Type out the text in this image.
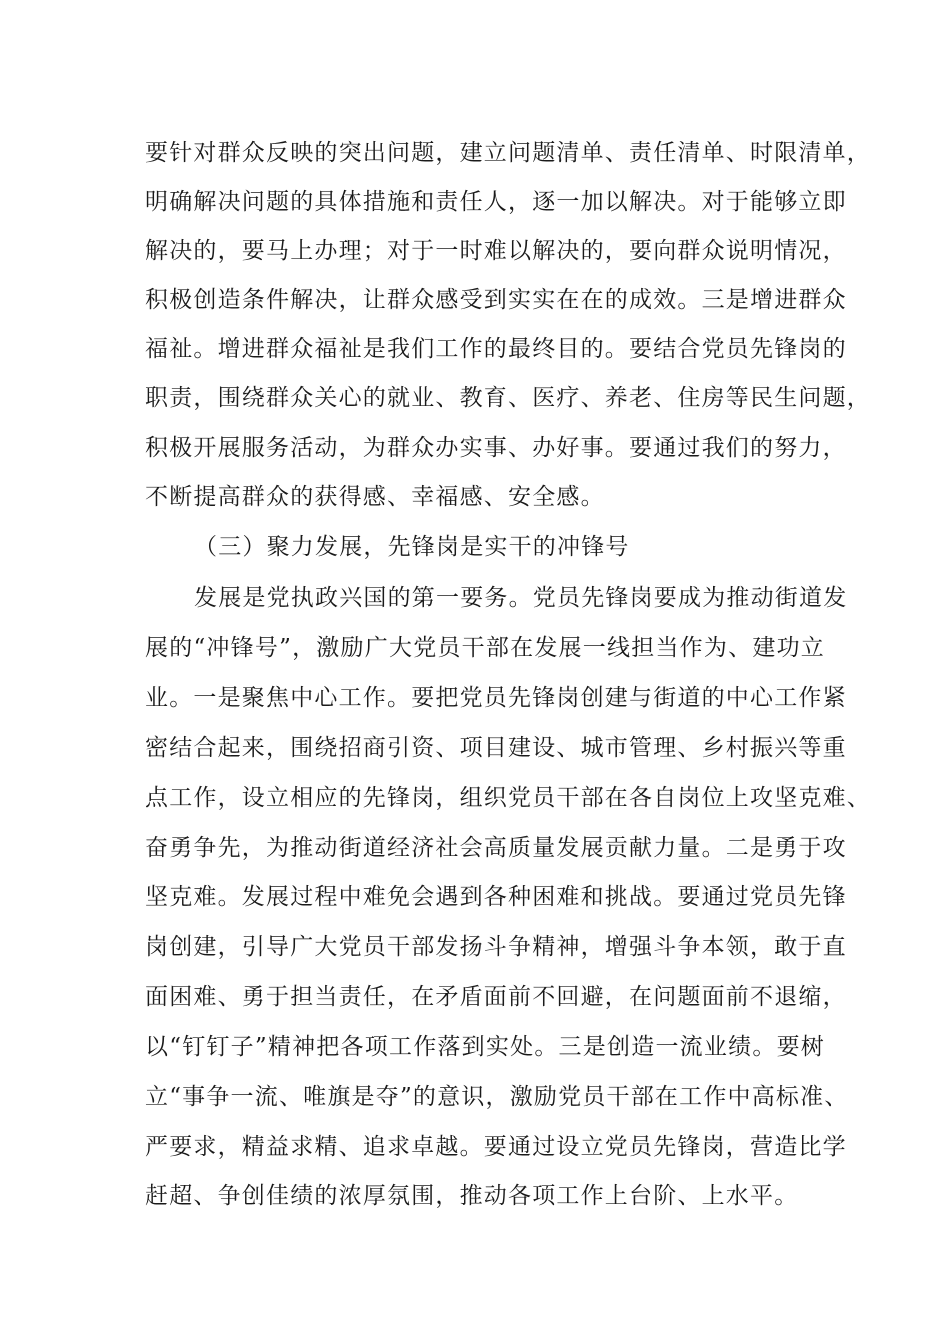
要针对群众反映的突出问题，建立问题清单、责任清单、时限清单，
明确解决问题的具体措施和责任人，逐一加以解决。对于能够立即
解决的，要马上办理；对于一时难以解决的，要向群众说明情况，
积极创造条件解决，让群众感受到实实在在的成效。三是增进群众
福祉。增进群众福祉是我们工作的最终目的。要结合党员先锋岗的
职责，围绕群众关心的就业、教育、医疗、养老、住房等民生问题，
积极开展服务活动，为群众办实事、办好事。要通过我们的努力，
不断提高群众的获得感、幸福感、安全感。
（三）聚力发展，先锋岗是实干的冲锋号
发展是党执政兴国的第一要务。党员先锋岗要成为推动街道发
展的“冲锋号”，激励广大党员干部在发展一线担当作为、建功立
业。一是聚焦中心工作。要把党员先锋岗创建与街道的中心工作紧
密结合起来，围绕招商引资、项目建设、城市管理、乡村振兴等重
点工作，设立相应的先锋岗，组织党员干部在各自岗位上攻坚克难、
奋勇争先，为推动街道经济社会高质量发展贡献力量。二是勇于攻
坚克难。发展过程中难免会遇到各种困难和挑战。要通过党员先锋
岗创建，引导广大党员干部发扬斗争精神，增强斗争本领，敢于直
面困难、勇于担当责任，在矛盾面前不回避，在问题面前不退缩，
以“钉钉子”精神把各项工作落到实处。三是创造一流业绩。要树
立“事争一流、唯旗是夺”的意识，激励党员干部在工作中高标准、
严要求，精益求精、追求卓越。要通过设立党员先锋岗，营造比学
赶超、争创佳绩的浓厚氛围，推动各项工作上台阶、上水平。
